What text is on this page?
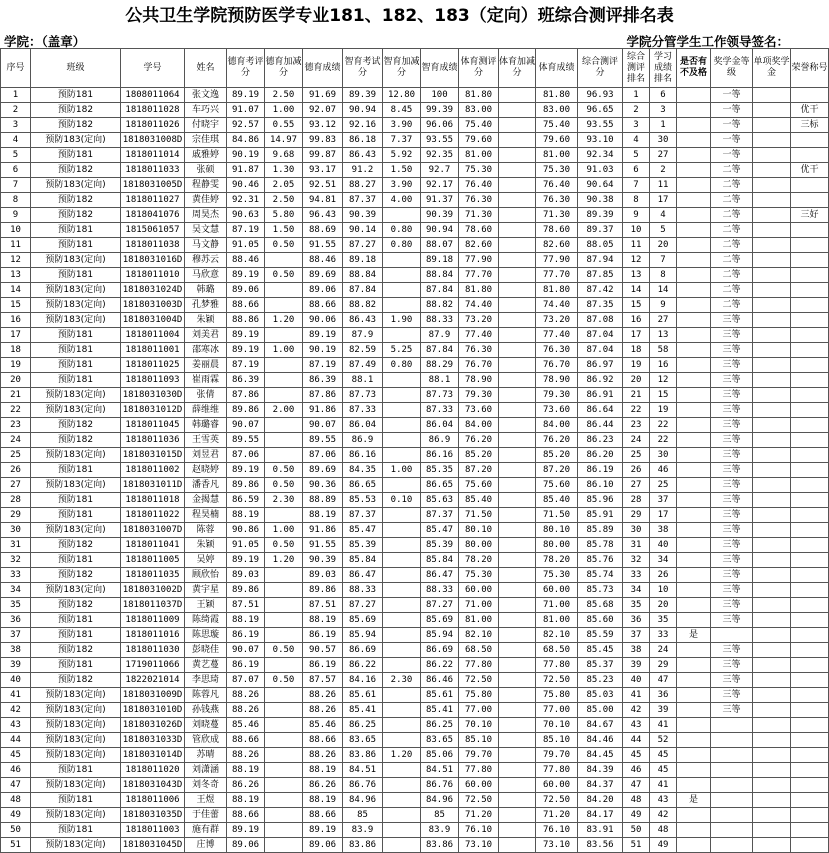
公共卫生学院预防医学专业181、182、183（定向）班综合测评排名表
学院：（盖章）	学院分管学生工作领导签名：
序号	班级	学号	姓名	德育考评分	德育加减分	德育成绩	智育考试分	智育加减分	智育成绩	体育测评分	体育加减分	体育成绩	综合测评分	综合测评排名	学习成绩排名	是否有不及格	奖学金等级	单项奖学金	荣誉称号
1	预防181	1808011064	张文逸	89.19	2.50	91.69	89.39	12.80	100	81.80		81.80	96.93	1	6		一等		
2	预防182	1818011028	车巧兴	91.07	1.00	92.07	90.94	8.45	99.39	83.00		83.00	96.65	2	3		一等		优干
3	预防182	1818011026	付晓宇	92.57	0.55	93.12	92.16	3.90	96.06	75.40		75.40	93.55	3	1		一等		三标
4	预防183(定向)	1818031008D	宗佳琪	84.86	14.97	99.83	86.18	7.37	93.55	79.60		79.60	93.10	4	30		一等		
5	预防181	1818011014	戚雅婷	90.19	9.68	99.87	86.43	5.92	92.35	81.00		81.00	92.34	5	27		一等		
6	预防182	1818011033	张硕	91.87	1.30	93.17	91.2	1.50	92.7	75.30		75.30	91.03	6	2		二等		优干
7	预防183(定向)	1818031005D	程静雯	90.46	2.05	92.51	88.27	3.90	92.17	76.40		76.40	90.64	7	11		二等		
8	预防182	1818011027	黄佳婷	92.31	2.50	94.81	87.37	4.00	91.37	76.30		76.30	90.38	8	17		二等		
9	预防182	1818041076	周昊杰	90.63	5.80	96.43	90.39		90.39	71.30		71.30	89.39	9	4		二等		三好
10	预防181	1815061057	吴文慧	87.19	1.50	88.69	90.14	0.80	90.94	78.60		78.60	89.37	10	5		二等		
11	预防181	1818011038	马文静	91.05	0.50	91.55	87.27	0.80	88.07	82.60		82.60	88.05	11	20		二等		
12	预防183(定向)	1818031016D	穆苏云	88.46		88.46	89.18		89.18	77.90		77.90	87.94	12	7		二等		
13	预防181	1818011010	马欣意	89.19	0.50	89.69	88.84		88.84	77.70		77.70	87.85	13	8		二等		
14	预防183(定向)	1818031024D	韩璐	89.06		89.06	87.84		87.84	81.80		81.80	87.42	14	14		二等		
15	预防183(定向)	1818031003D	孔梦雅	88.66		88.66	88.82		88.82	74.40		74.40	87.35	15	9		二等		
16	预防183(定向)	1818031004D	朱颖	88.86	1.20	90.06	86.43	1.90	88.33	73.20		73.20	87.08	16	27		三等		
17	预防181	1818011004	刘美君	89.19		89.19	87.9		87.9	77.40		77.40	87.04	17	13		三等		
18	预防181	1818011001	邵寒冰	89.19	1.00	90.19	82.59	5.25	87.84	76.30		76.30	87.04	18	58		三等		
19	预防181	1818011025	姜丽晨	87.19		87.19	87.49	0.80	88.29	76.70		76.70	86.97	19	16		三等		
20	预防181	1818011093	崔雨霖	86.39		86.39	88.1		88.1	78.90		78.90	86.92	20	12		三等		
21	预防183(定向)	1818031030D	张倩	87.86		87.86	87.73		87.73	79.30		79.30	86.91	21	15		三等		
22	预防183(定向)	1818031012D	薛维维	89.86	2.00	91.86	87.33		87.33	73.60		73.60	86.64	22	19		三等		
23	预防182	1818011045	韩璐睿	90.07		90.07	86.04		86.04	84.00		84.00	86.44	23	22		三等		
24	预防182	1818011036	王雪英	89.55		89.55	86.9		86.9	76.20		76.20	86.23	24	22		三等		
25	预防183(定向)	1818031015D	刘昱君	87.06		87.06	86.16		86.16	85.20		85.20	86.20	25	30		三等		
26	预防181	1818011002	赵晓婷	89.19	0.50	89.69	84.35	1.00	85.35	87.20		87.20	86.19	26	46		三等		
27	预防183(定向)	1818031011D	潘香凡	89.86	0.50	90.36	86.65		86.65	75.60		75.60	86.10	27	25		三等		
28	预防181	1818011018	金揭慧	86.59	2.30	88.89	85.53	0.10	85.63	85.40		85.40	85.96	28	37		三等		
29	预防181	1818011022	程昊楠	88.19		88.19	87.37		87.37	71.50		71.50	85.91	29	17		三等		
30	预防183(定向)	1818031007D	陈蓉	90.86	1.00	91.86	85.47		85.47	80.10		80.10	85.89	30	38		三等		
31	预防182	1818011041	朱颖	91.05	0.50	91.55	85.39		85.39	80.00		80.00	85.78	31	40		三等		
32	预防181	1818011005	吴婷	89.19	1.20	90.39	85.84		85.84	78.20		78.20	85.76	32	34		三等		
33	预防182	1818011035	顾欣怡	89.03		89.03	86.47		86.47	75.30		75.30	85.74	33	26		三等		
34	预防183(定向)	1818031002D	黄宇星	89.86		89.86	88.33		88.33	60.00		60.00	85.73	34	10		三等		
35	预防182	1818011037D	王颖	87.51		87.51	87.27		87.27	71.00		71.00	85.68	35	20		三等		
36	预防181	1818011009	陈绮霞	88.19		88.19	85.69		85.69	81.00		81.00	85.60	36	35		三等		
37	预防181	1818011016	陈思璇	86.19		86.19	85.94		85.94	82.10		82.10	85.59	37	33	是			
38	预防182	1818011030	彭晓佳	90.07	0.50	90.57	86.69		86.69	68.50		68.50	85.45	38	24		三等		
39	预防181	1719011066	黄艺蔓	86.19		86.19	86.22		86.22	77.80		77.80	85.37	39	29		三等		
40	预防182	1822021014	李思琦	87.07	0.50	87.57	84.16	2.30	86.46	72.50		72.50	85.23	40	47		三等		
41	预防183(定向)	1818031009D	陈蓉凡	88.26		88.26	85.61		85.61	75.80		75.80	85.03	41	36		三等		
42	预防183(定向)	1818031010D	孙钱燕	88.26		88.26	85.41		85.41	77.00		77.00	85.00	42	39		三等		
43	预防183(定向)	1818031026D	刘晓蔓	85.46		85.46	86.25		86.25	70.10		70.10	84.67	43	41				
44	预防183(定向)	1818031033D	管欣成	88.66		88.66	83.65		83.65	85.10		85.10	84.46	44	52				
45	预防183(定向)	1818031014D	苏晴	88.26		88.26	83.86	1.20	85.06	79.70		79.70	84.45	45	45				
46	预防181	1818011020	刘潇涵	88.19		88.19	84.51		84.51	77.80		77.80	84.39	46	45				
47	预防183(定向)	1818031043D	刘冬奇	86.26		86.26	86.76		86.76	60.00		60.00	84.37	47	41				
48	预防181	1818011006	王煜	88.19		88.19	84.96		84.96	72.50		72.50	84.20	48	43	是			
49	预防183(定向)	1818031035D	于佳蕾	88.66		88.66	85		85	71.20		71.20	84.17	49	42				
50	预防181	1818011003	施有群	89.19		89.19	83.9		83.9	76.10		76.10	83.91	50	48				
51	预防183(定向)	1818031045D	庄博	89.06		89.06	83.86		83.86	73.10		73.10	83.56	51	49				
